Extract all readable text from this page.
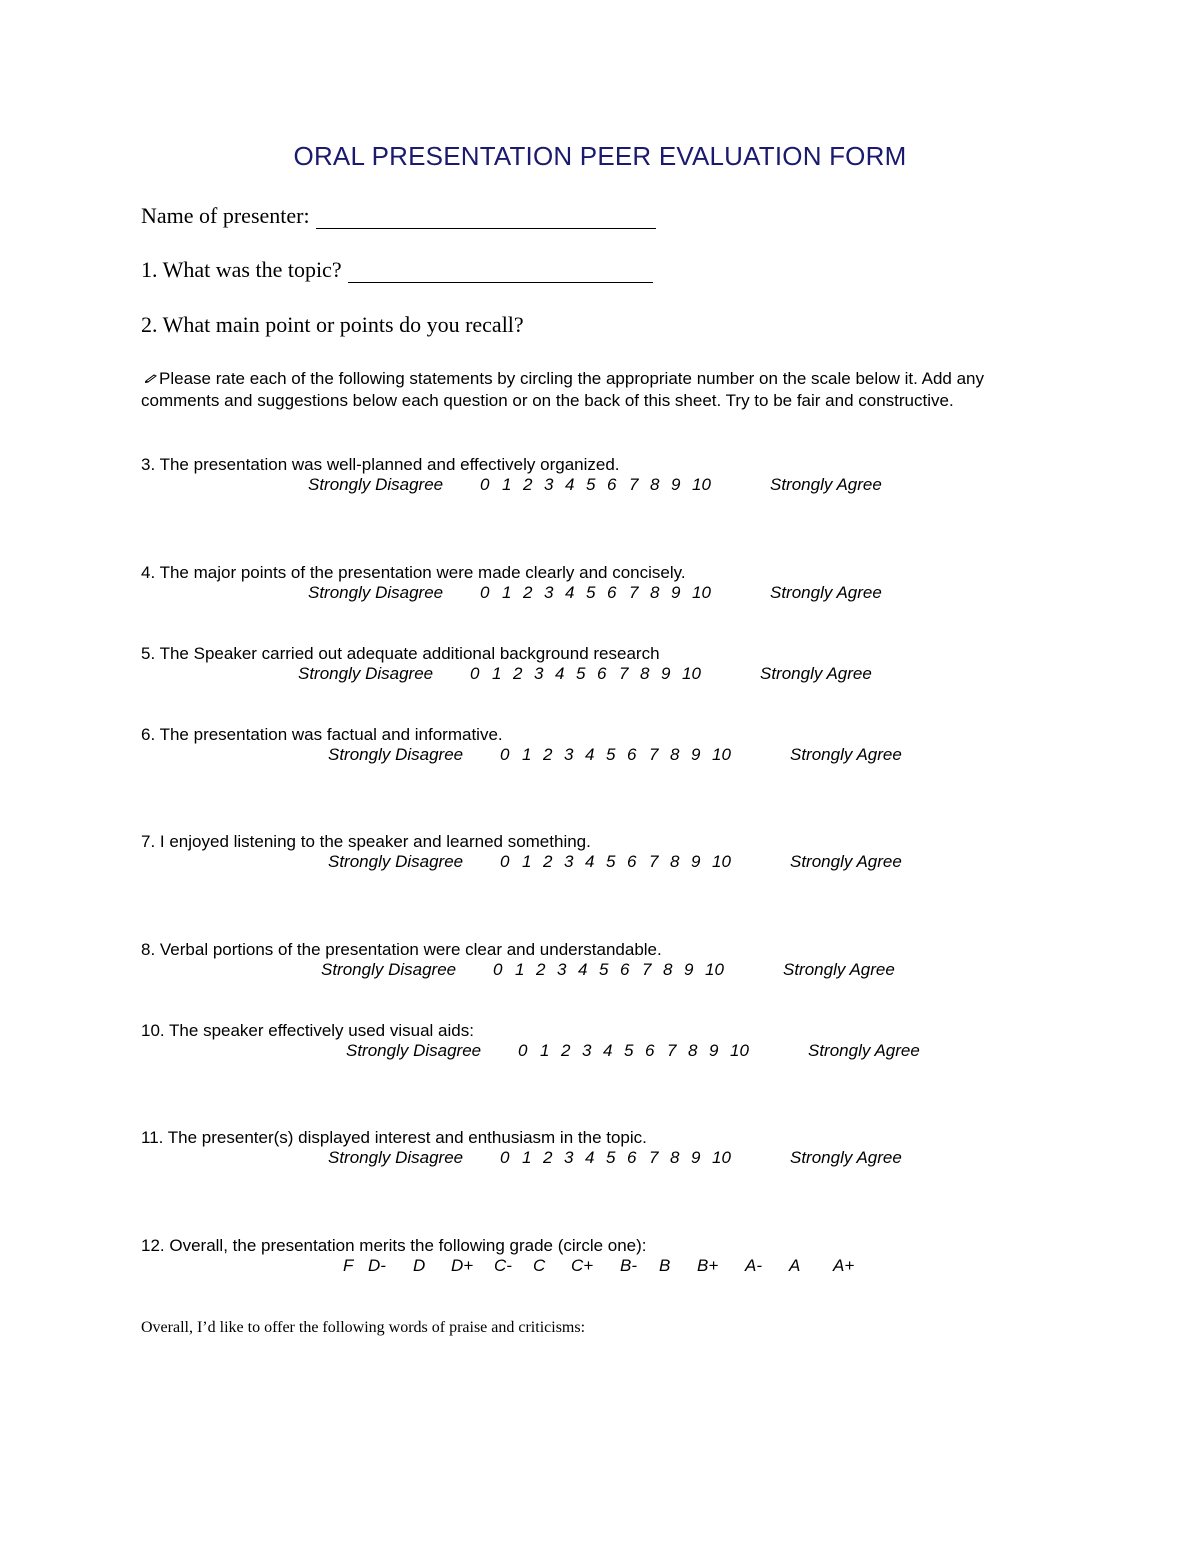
ORAL PRESENTATION PEER EVALUATION FORM
Name of presenter:
1. What was the topic?
2. What main point or points do you recall?
Please rate each of the following statements by circling the appropriate number on the scale below it. Add any
comments and suggestions below each question or on the back of this sheet. Try to be fair and constructive.
3. The presentation was well-planned and effectively organized.
Strongly Disagree 0 1 2 3 4 5 6 7 8 9 10	Strongly Agree
4. The major points of the presentation were made clearly and concisely.
Strongly Disagree 0 1 2 3 4 5 6 7 8 9 10	Strongly Agree
5. The Speaker carried out adequate additional background research
Strongly Disagree 0 1 2 3 4 5 6 7 8 9 10	Strongly Agree
6. The presentation was factual and informative.
Strongly Disagree 0 1 2 3 4 5 6 7 8 9 10	Strongly Agree
7. I enjoyed listening to the speaker and learned something.
Strongly Disagree 0 1 2 3 4 5 6 7 8 9 10	Strongly Agree
8. Verbal portions of the presentation were clear and understandable.
Strongly Disagree 0 1 2 3 4 5 6 7 8 9 10	Strongly Agree
10. The speaker effectively used visual aids:
Strongly Disagree 0 1 2 3 4 5 6 7 8 9 10	Strongly Agree
11. The presenter(s) displayed interest and enthusiasm in the topic.
Strongly Disagree 0 1 2 3 4 5 6 7 8 9 10	Strongly Agree
12. Overall, the presentation merits the following grade (circle one):
F D- D D+ C- C C+ B- B B+ A- A A+
Overall, I’d like to offer the following words of praise and criticisms:
